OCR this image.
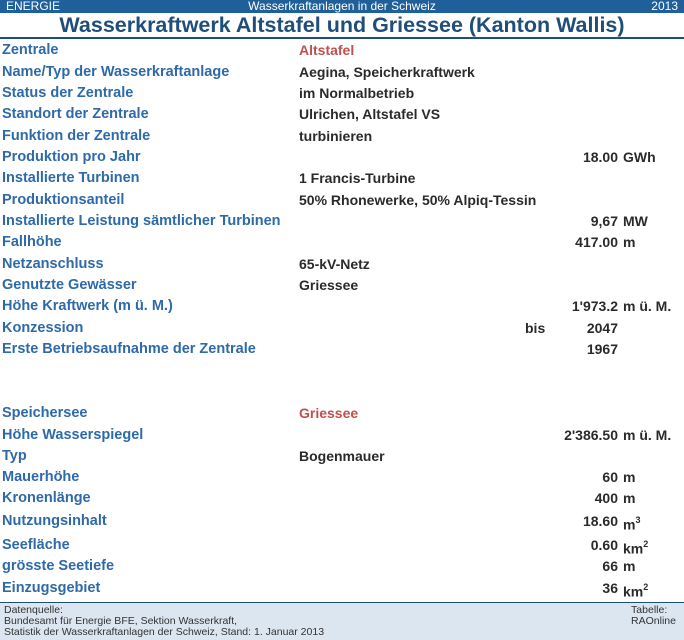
Wasserkraftanlagen in der Schweiz
ENERGIE	2013
Wasserkraftwerk Altstafel und Griessee (Kanton Wallis)
Zentrale	Altstafel
Name/Typ der Wasserkraftanlage	Aegina, Speicherkraftwerk
Status der Zentrale	im Normalbetrieb
Standort der Zentrale	Ulrichen, Altstafel VS
Funktion der Zentrale	turbinieren
Produktion pro Jahr	18.00 GWh
Installierte Turbinen	1 Francis-Turbine
Produktionsanteil	50% Rhonewerke, 50% Alpiq-Tessin
Installierte Leistung sämtlicher Turbinen	9,67 MW
Fallhöhe	417.00 m
Netzanschluss	65-kV-Netz
Genutzte Gewässer	Griessee
Höhe Kraftwerk (m ü. M.)	1'973.2 m ü. M.
Konzession	bis	2047
Erste Betriebsaufnahme der Zentrale	1967
Speichersee	Griessee
Höhe Wasserspiegel	2'386.50 m ü. M.
Typ	Bogenmauer
Mauerhöhe	60 m
Kronenlänge	400 m
Nutzungsinhalt	18.60 $m^3$
Seefläche	0.60 $km^2$
grösste Seetiefe	66 m
Einzugsgebiet	36 $km^2$
Datenquelle:
Bundesamt für Energie BFE, Sektion Wasserkraft,
Statistik der Wasserkraftanlagen der Schweiz, Stand: 1. Januar 2013
Tabelle:
RAOnline
